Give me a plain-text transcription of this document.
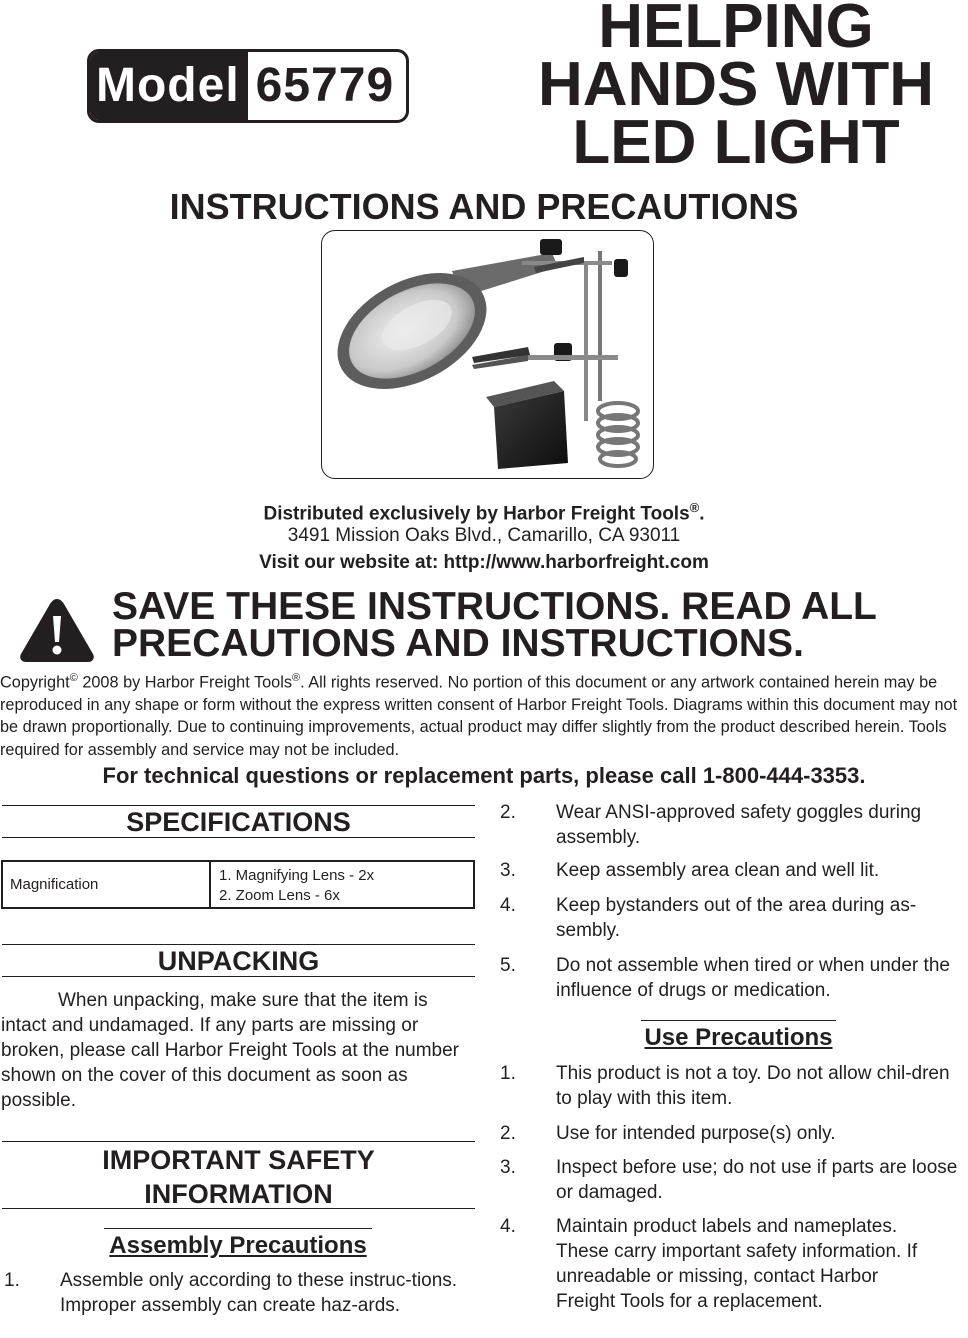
Model 65779
HELPING
HANDS WITH
LED LIGHT
INSTRUCTIONS AND PRECAUTIONS
Distributed exclusively by Harbor Freight Tools®.
3491 Mission Oaks Blvd., Camarillo, CA 93011
Visit our website at: http://www.harborfreight.com
SAVE THESE INSTRUCTIONS. READ ALL
PRECAUTIONS AND INSTRUCTIONS.
Copyright© 2008 by Harbor Freight Tools®. All rights reserved. No portion of this document or any artwork contained herein may be reproduced in any shape or form without the express written consent of Harbor Freight Tools. Diagrams within this document may not be drawn proportionally. Due to continuing improvements, actual product may differ slightly from the product described herein. Tools required for assembly and service may not be included.
For technical questions or replacement parts, please call 1-800-444-3353.
SPECIFICATIONS
Magnification
1. Magnifying Lens - 2x
2. Zoom Lens - 6x
UNPACKING
When unpacking, make sure that the item is intact and undamaged. If any parts are missing or broken, please call Harbor Freight Tools at the number shown on the cover of this document as soon as possible.
IMPORTANT SAFETY
INFORMATION
Assembly Precautions
1. Assemble only according to these instruc-tions. Improper assembly can create haz-ards.
2. Wear ANSI-approved safety goggles during assembly.
3. Keep assembly area clean and well lit.
4. Keep bystanders out of the area during as-sembly.
5. Do not assemble when tired or when under the influence of drugs or medication.
Use Precautions
1. This product is not a toy. Do not allow chil-dren to play with this item.
2. Use for intended purpose(s) only.
3. Inspect before use; do not use if parts are loose or damaged.
4. Maintain product labels and nameplates. These carry important safety information. If unreadable or missing, contact Harbor Freight Tools for a replacement.
